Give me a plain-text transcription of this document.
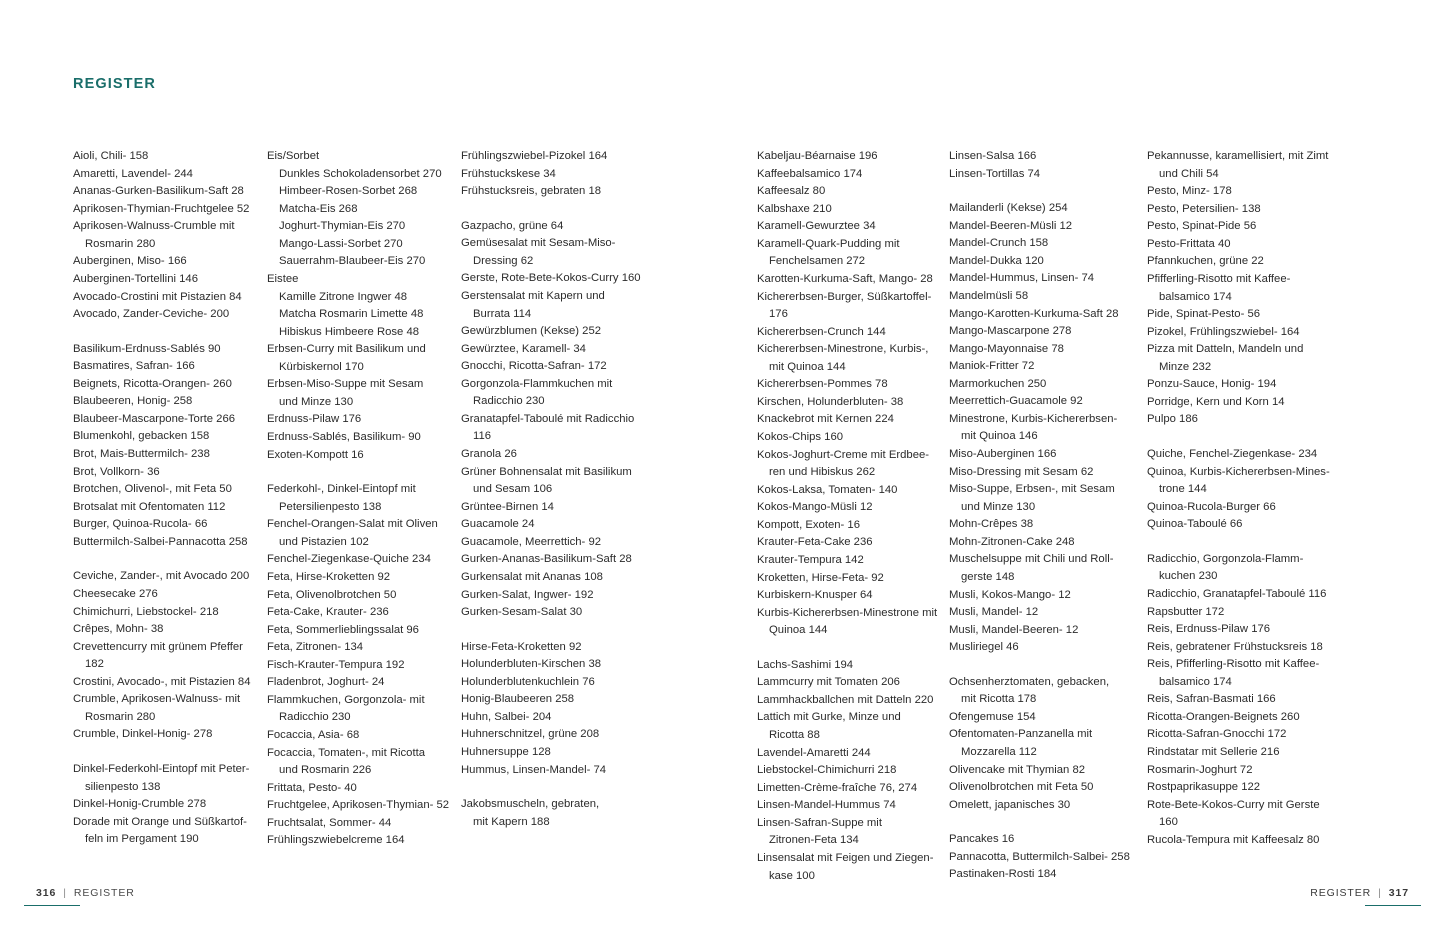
REGISTER
Aioli, Chili- 158
Amaretti, Lavendel- 244
Ananas-Gurken-Basilikum-Saft 28
Aprikosen-Thymian-Fruchtgelee 52
Aprikosen-Walnuss-Crumble mit
Rosmarin 280
Auberginen, Miso- 166
Auberginen-Tortellini 146
Avocado-Crostini mit Pistazien 84
Avocado, Zander-Ceviche- 200
Basilikum-Erdnuss-Sablés 90
Basmatires, Safran- 166
Beignets, Ricotta-Orangen- 260
Blaubeeren, Honig- 258
Blaubeer-Mascarpone-Torte 266
Blumenkohl, gebacken 158
Brot, Mais-Buttermilch- 238
Brot, Vollkorn- 36
Brotchen, Olivenol-, mit Feta 50
Brotsalat mit Ofentomaten 112
Burger, Quinoa-Rucola- 66
Buttermilch-Salbei-Pannacotta 258
Ceviche, Zander-, mit Avocado 200
Cheesecake 276
Chimichurri, Liebstockel- 218
Crêpes, Mohn- 38
Crevettencurry mit grünem Pfeffer
182
Crostini, Avocado-, mit Pistazien 84
Crumble, Aprikosen-Walnuss- mit
Rosmarin 280
Crumble, Dinkel-Honig- 278
Dinkel-Federkohl-Eintopf mit Peter-
silienpesto 138
Dinkel-Honig-Crumble 278
Dorade mit Orange und Süßkartof-
feln im Pergament 190
Eis/Sorbet
Dunkles Schokoladensorbet 270
Himbeer-Rosen-Sorbet 268
Matcha-Eis 268
Joghurt-Thymian-Eis 270
Mango-Lassi-Sorbet 270
Sauerrahm-Blaubeer-Eis 270
Eistee
Kamille Zitrone Ingwer 48
Matcha Rosmarin Limette 48
Hibiskus Himbeere Rose 48
Erbsen-Curry mit Basilikum und
Kürbiskernol 170
Erbsen-Miso-Suppe mit Sesam
und Minze 130
Erdnuss-Pilaw 176
Erdnuss-Sablés, Basilikum- 90
Exoten-Kompott 16
Federkohl-, Dinkel-Eintopf mit
Petersilienpesto 138
Fenchel-Orangen-Salat mit Oliven
und Pistazien 102
Fenchel-Ziegenkase-Quiche 234
Feta, Hirse-Kroketten 92
Feta, Olivenolbrotchen 50
Feta-Cake, Krauter- 236
Feta, Sommerlieblingssalat 96
Feta, Zitronen- 134
Fisch-Krauter-Tempura 192
Fladenbrot, Joghurt- 24
Flammkuchen, Gorgonzola- mit
Radicchio 230
Focaccia, Asia- 68
Focaccia, Tomaten-, mit Ricotta
und Rosmarin 226
Frittata, Pesto- 40
Fruchtgelee, Aprikosen-Thymian- 52
Fruchtsalat, Sommer- 44
Frühlingszwiebelcreme 164
Frühlingszwiebel-Pizokel 164
Frühstuckskese 34
Frühstucksreis, gebraten 18
Gazpacho, grüne 64
Gemüsesalat mit Sesam-Miso-
Dressing 62
Gerste, Rote-Bete-Kokos-Curry 160
Gerstensalat mit Kapern und
Burrata 114
Gewürzblumen (Kekse) 252
Gewürztee, Karamell- 34
Gnocchi, Ricotta-Safran- 172
Gorgonzola-Flammkuchen mit
Radicchio 230
Granatapfel-Taboulé mit Radicchio
116
Granola 26
Grüner Bohnensalat mit Basilikum
und Sesam 106
Grüntee-Birnen 14
Guacamole 24
Guacamole, Meerrettich- 92
Gurken-Ananas-Basilikum-Saft 28
Gurkensalat mit Ananas 108
Gurken-Salat, Ingwer- 192
Gurken-Sesam-Salat 30
Hirse-Feta-Kroketten 92
Holunderbluten-Kirschen 38
Holunderblutenkuchlein 76
Honig-Blaubeeren 258
Huhn, Salbei- 204
Huhnerschnitzel, grüne 208
Huhnersuppe 128
Hummus, Linsen-Mandel- 74
Jakobsmuscheln, gebraten,
mit Kapern 188
Kabeljau-Béarnaise 196
Kaffeebalsamico 174
Kaffeesalz 80
Kalbshaxe 210
Karamell-Gewurztee 34
Karamell-Quark-Pudding mit
Fenchelsamen 272
Karotten-Kurkuma-Saft, Mango- 28
Kichererbsen-Burger, Süßkartoffel-
176
Kichererbsen-Crunch 144
Kichererbsen-Minestrone, Kurbis-,
mit Quinoa 144
Kichererbsen-Pommes 78
Kirschen, Holunderbluten- 38
Knackebrot mit Kernen 224
Kokos-Chips 160
Kokos-Joghurt-Creme mit Erdbee-
ren und Hibiskus 262
Kokos-Laksa, Tomaten- 140
Kokos-Mango-Müsli 12
Kompott, Exoten- 16
Krauter-Feta-Cake 236
Krauter-Tempura 142
Kroketten, Hirse-Feta- 92
Kurbiskern-Knusper 64
Kurbis-Kichererbsen-Minestrone mit
Quinoa 144
Lachs-Sashimi 194
Lammcurry mit Tomaten 206
Lammhackballchen mit Datteln 220
Lattich mit Gurke, Minze und
Ricotta 88
Lavendel-Amaretti 244
Liebstockel-Chimichurri 218
Limetten-Crème-fraîche 76, 274
Linsen-Mandel-Hummus 74
Linsen-Safran-Suppe mit
Zitronen-Feta 134
Linsensalat mit Feigen und Ziegen-
kase 100
Linsen-Salsa 166
Linsen-Tortillas 74
Mailanderli (Kekse) 254
Mandel-Beeren-Müsli 12
Mandel-Crunch 158
Mandel-Dukka 120
Mandel-Hummus, Linsen- 74
Mandelmüsli 58
Mango-Karotten-Kurkuma-Saft 28
Mango-Mascarpone 278
Mango-Mayonnaise 78
Maniok-Fritter 72
Marmorkuchen 250
Meerrettich-Guacamole 92
Minestrone, Kurbis-Kichererbsen-
mit Quinoa 146
Miso-Auberginen 166
Miso-Dressing mit Sesam 62
Miso-Suppe, Erbsen-, mit Sesam
und Minze 130
Mohn-Crêpes 38
Mohn-Zitronen-Cake 248
Muschelsuppe mit Chili und Roll-
gerste 148
Musli, Kokos-Mango- 12
Musli, Mandel- 12
Musli, Mandel-Beeren- 12
Musliriegel 46
Ochsenherztomaten, gebacken,
mit Ricotta 178
Ofengemuse 154
Ofentomaten-Panzanella mit
Mozzarella 112
Olivencake mit Thymian 82
Olivenolbrotchen mit Feta 50
Omelett, japanisches 30
Pancakes 16
Pannacotta, Buttermilch-Salbei- 258
Pastinaken-Rosti 184
Pekannusse, karamellisiert, mit Zimt
und Chili 54
Pesto, Minz- 178
Pesto, Petersilien- 138
Pesto, Spinat-Pide 56
Pesto-Frittata 40
Pfannkuchen, grüne 22
Pfifferling-Risotto mit Kaffee-
balsamico 174
Pide, Spinat-Pesto- 56
Pizokel, Frühlingszwiebel- 164
Pizza mit Datteln, Mandeln und
Minze 232
Ponzu-Sauce, Honig- 194
Porridge, Kern und Korn 14
Pulpo 186
Quiche, Fenchel-Ziegenkase- 234
Quinoa, Kurbis-Kichererbsen-Mines-
trone 144
Quinoa-Rucola-Burger 66
Quinoa-Taboulé 66
Radicchio, Gorgonzola-Flamm-
kuchen 230
Radicchio, Granatapfel-Taboulé 116
Rapsbutter 172
Reis, Erdnuss-Pilaw 176
Reis, gebratener Frühstucksreis 18
Reis, Pfifferling-Risotto mit Kaffee-
balsamico 174
Reis, Safran-Basmati 166
Ricotta-Orangen-Beignets 260
Ricotta-Safran-Gnocchi 172
Rindstatar mit Sellerie 216
Rosmarin-Joghurt 72
Rostpaprikasuppe 122
Rote-Bete-Kokos-Curry mit Gerste
160
Rucola-Tempura mit Kaffeesalz 80
316 | REGISTER	REGISTER | 317
